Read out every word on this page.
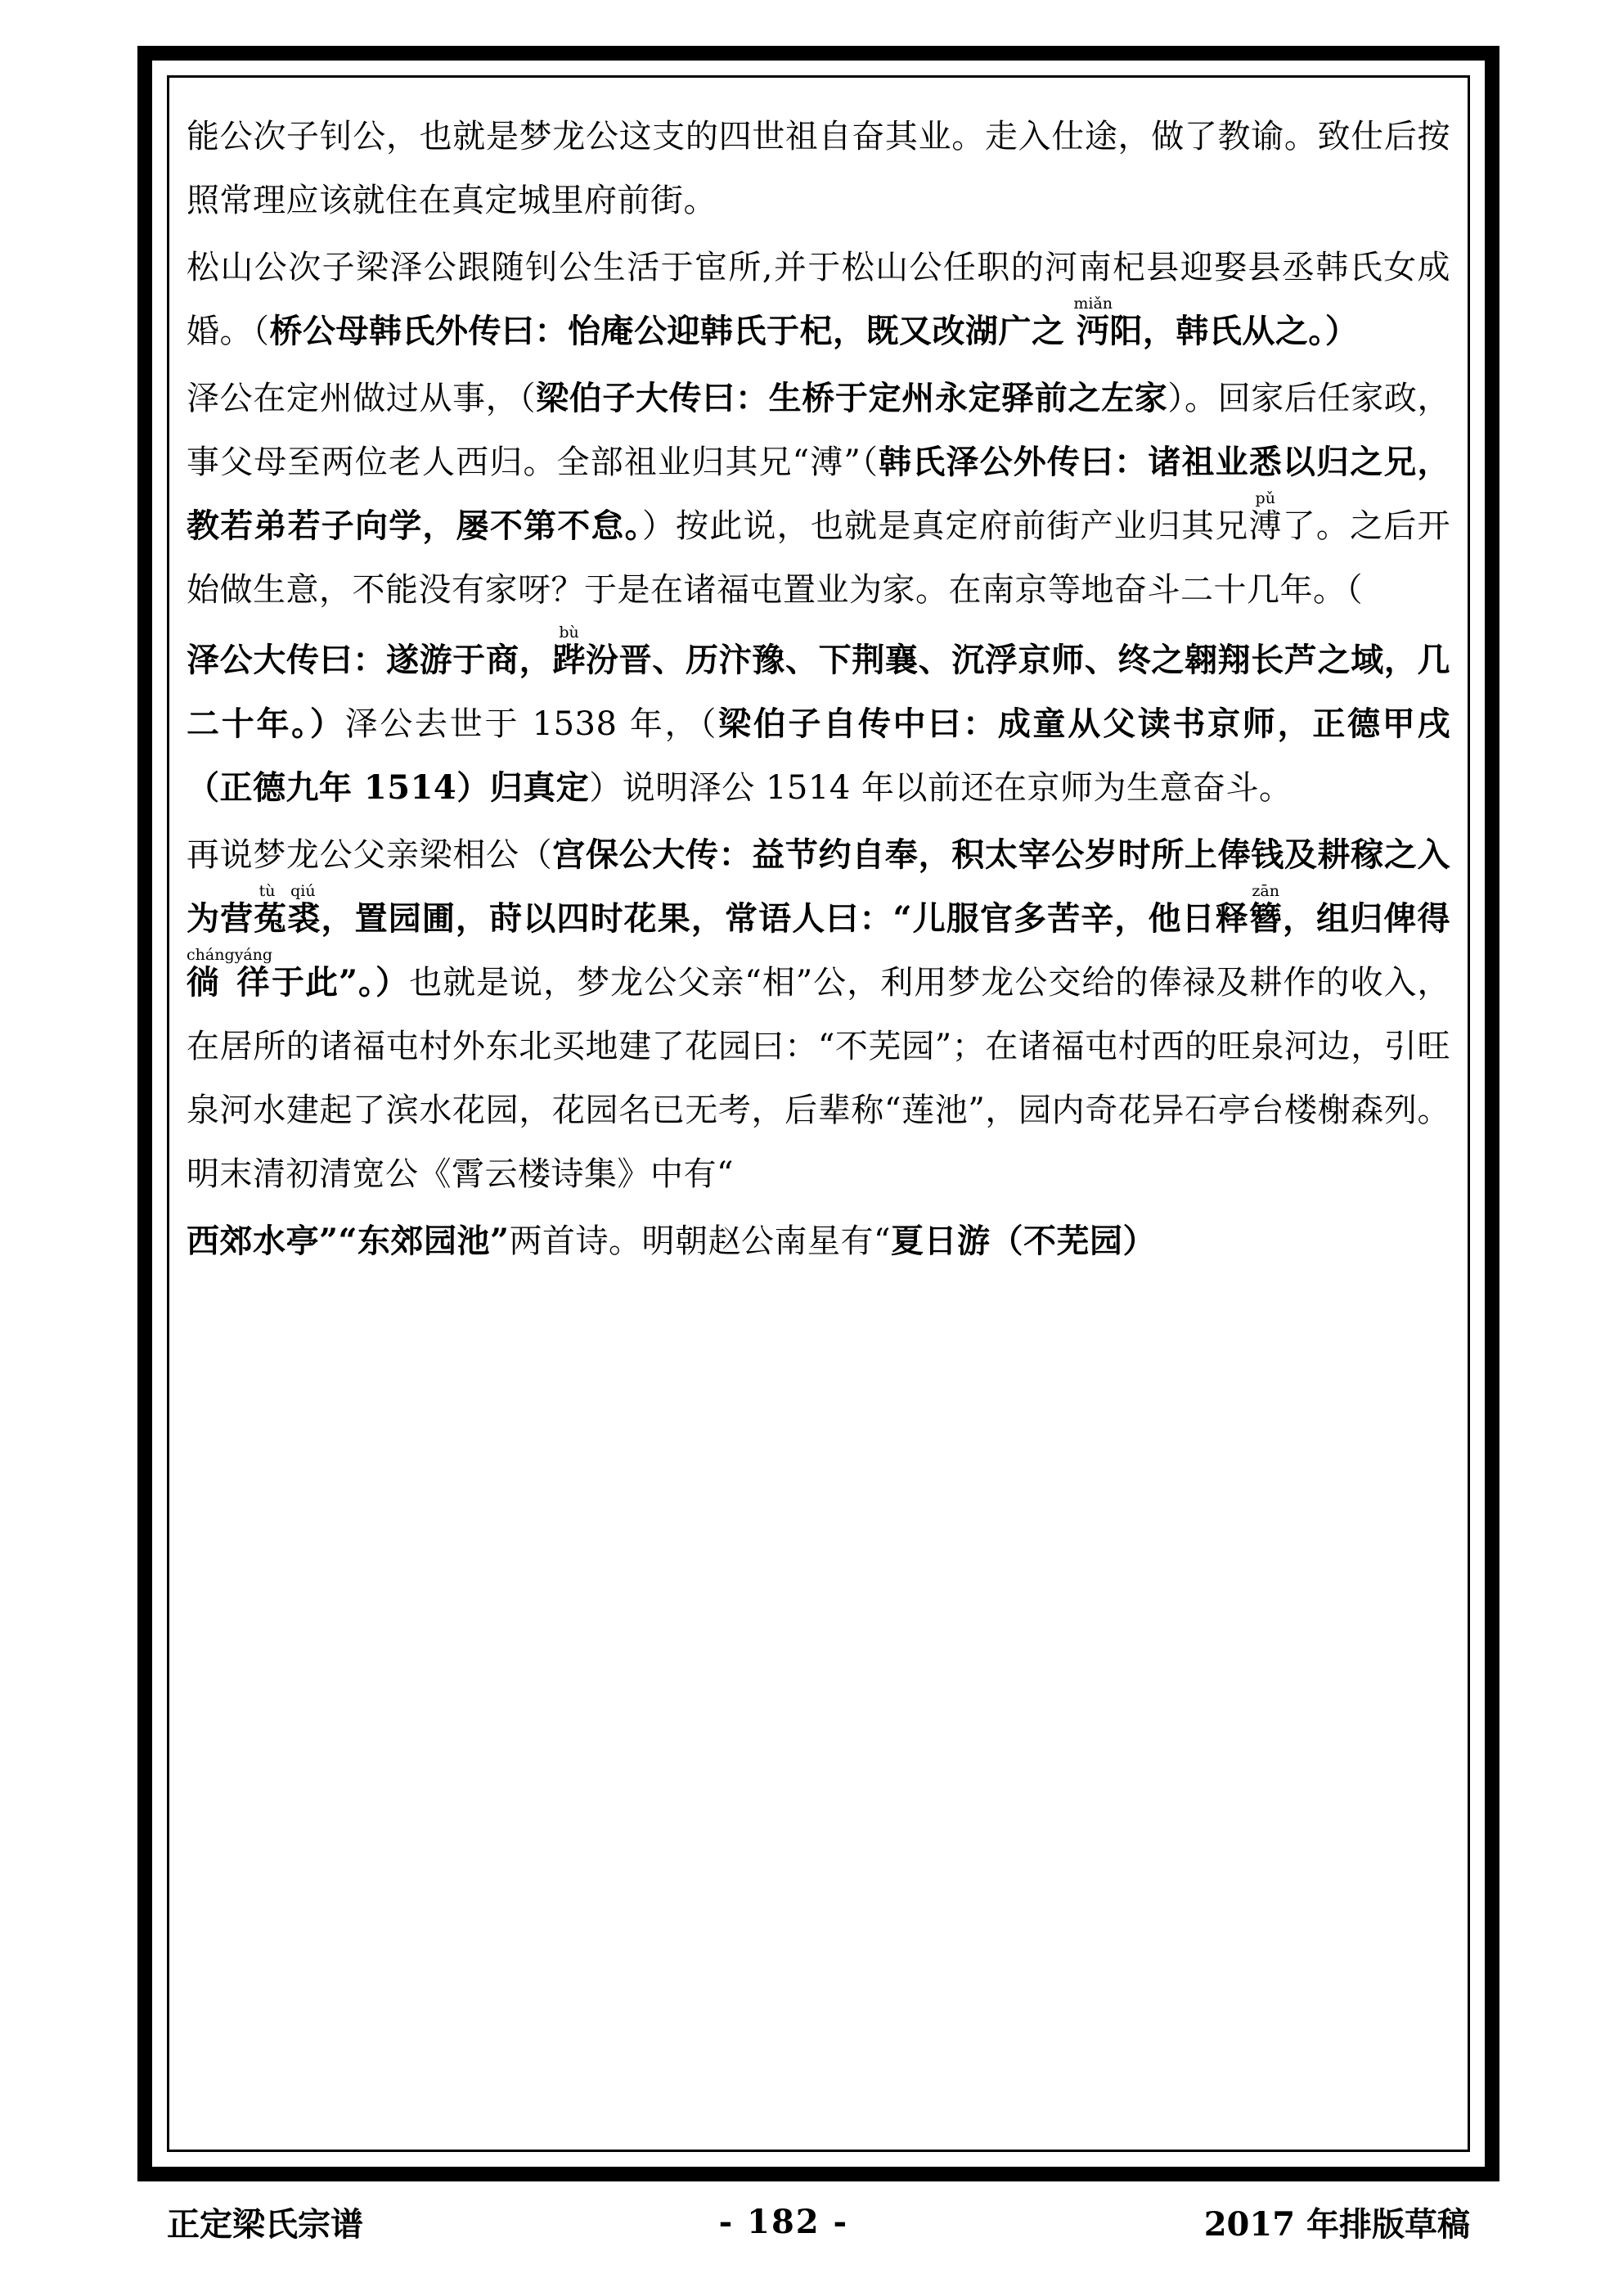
能公次子钊公，也就是梦龙公这支的四世祖自奋其业。走入仕途，做了教谕。致仕后按照常理应该就住在真定城里府前街。

松山公次子梁泽公跟随钊公生活于宦所,并于松山公任职的河南杞县迎娶县丞韩氏女成婚。（桥公母韩氏外传曰：怡庵公迎韩氏于杞，既又改湖广之 沔miǎn阳，韩氏从之。）

泽公在定州做过从事，（梁伯子大传曰：生桥于定州永定驿前之左家）。回家后任家政，事父母至两位老人西归。全部祖业归其兄“溥”（韩氏泽公外传曰：诸祖业悉以归之兄，教若弟若子向学，屡不第不怠。）按此说，也就是真定府前街产业归其兄溥pǔ了。之后开始做生意，不能没有家呀？于是在诸福屯置业为家。在南京等地奋斗二十几年。（

泽公大传曰：遂游于商，跸bù汾晋、历汴豫、下荆襄、沉浮京师、终之翱翔长芦之域，几二十年。）泽公去世于 1538 年，（梁伯子自传中曰：成童从父读书京师，正德甲戌（正德九年 1514）归真定）说明泽公 1514 年以前还在京师为生意奋斗。

再说梦龙公父亲梁相公（宫保公大传：益节约自奉，积太宰公岁时所上俸钱及耕稼之入为营菟裘tù qiú，置园圃，莳以四时花果，常语人曰：“儿服官多苦辛，他日释簪zān，组归俾得 徜 徉chángyáng于此”。）也就是说，梦龙公父亲“相”公，利用梦龙公交给的俸禄及耕作的收入，在居所的诸福屯村外东北买地建了花园曰：“不芜园”；在诸福屯村西的旺泉河边，引旺泉河水建起了滨水花园，花园名已无考，后辈称“莲池”，园内奇花异石亭台楼榭森列。明末清初清宽公《霄云楼诗集》中有“

西郊水亭”“东郊园池”两首诗。明朝赵公南星有“夏日游（不芜园）

正定梁氏宗谱	- 182 -	2017 年排版草稿
